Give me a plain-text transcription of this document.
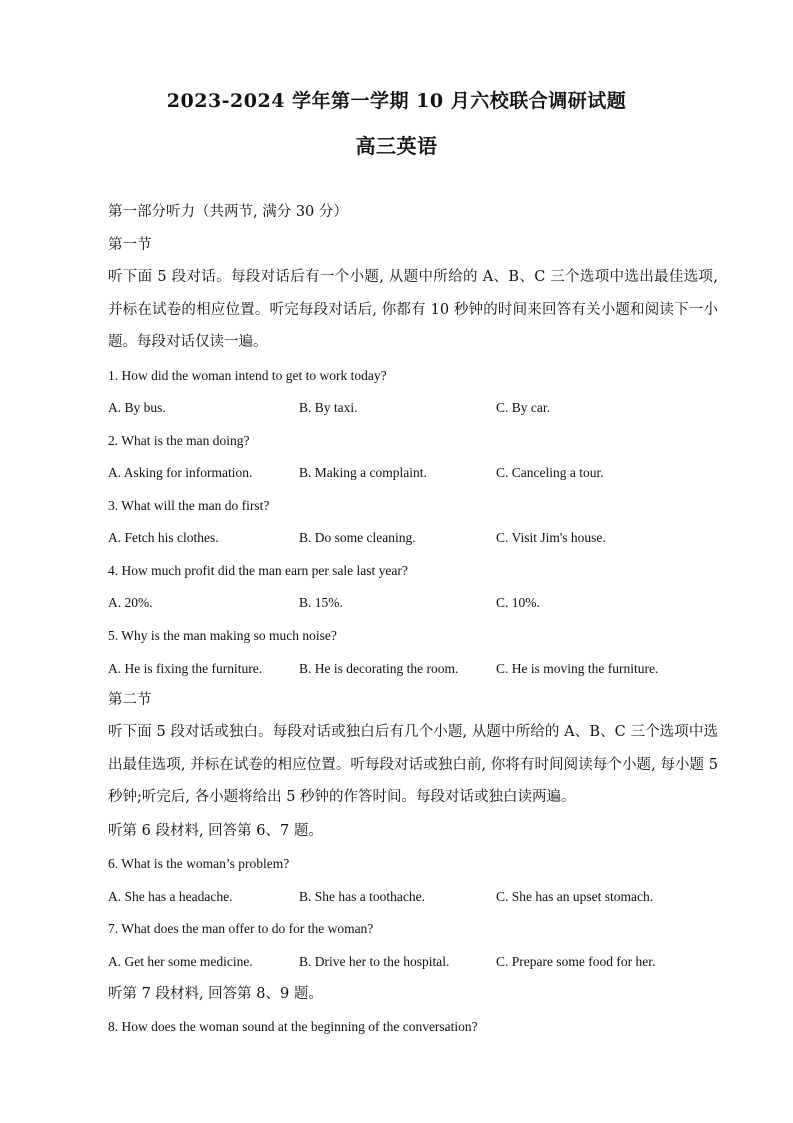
2023-2024 学年第一学期 10 月六校联合调研试题
高三英语
第一部分听力（共两节, 满分 30 分）
第一节
听下面 5 段对话。每段对话后有一个小题, 从题中所给的 A、B、C 三个选项中选出最佳选项, 并标在试卷的相应位置。听完每段对话后, 你都有 10 秒钟的时间来回答有关小题和阅读下一小题。每段对话仅读一遍。
1. How did the woman intend to get to work today?
A. By bus.	B. By taxi.	C. By car.
2. What is the man doing?
A. Asking for information.	B. Making a complaint.	C. Canceling a tour.
3. What will the man do first?
A. Fetch his clothes.	B. Do some cleaning.	C. Visit Jim's house.
4. How much profit did the man earn per sale last year?
A. 20%.	B. 15%.	C. 10%.
5. Why is the man making so much noise?
A. He is fixing the furniture.	B. He is decorating the room.	C. He is moving the furniture.
第二节
听下面 5 段对话或独白。每段对话或独白后有几个小题, 从题中所给的 A、B、C 三个选项中选出最佳选项, 并标在试卷的相应位置。听每段对话或独白前, 你将有时间阅读每个小题, 每小题 5 秒钟;听完后, 各小题将给出 5 秒钟的作答时间。每段对话或独白读两遍。
听第 6 段材料, 回答第 6、7 题。
6. What is the woman’s problem?
A. She has a headache.	B. She has a toothache.	C. She has an upset stomach.
7. What does the man offer to do for the woman?
A. Get her some medicine.	B. Drive her to the hospital.	C. Prepare some food for her.
听第 7 段材料, 回答第 8、9 题。
8. How does the woman sound at the beginning of the conversation?
